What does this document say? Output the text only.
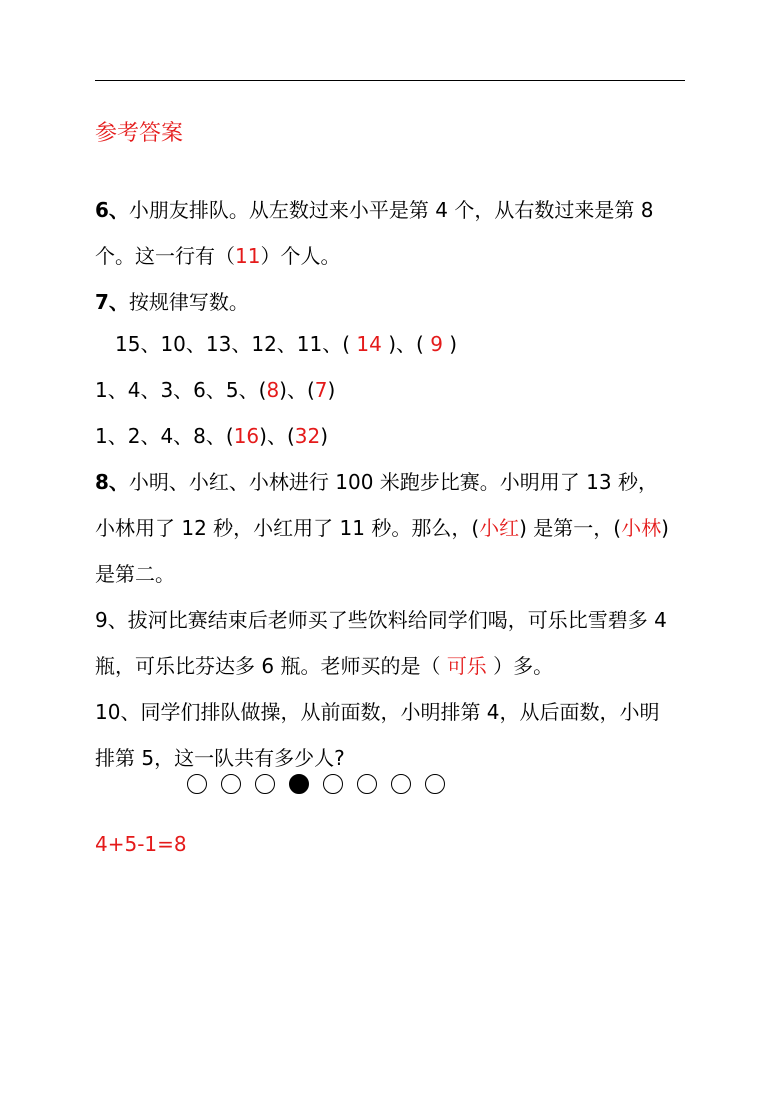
参考答案
6、小朋友排队。从左数过来小平是第 4 个，从右数过来是第 8
个。这一行有（11）个人。
7、按规律写数。
15、10、13、12、11、( 14 )、( 9 )
1、4、3、6、5、(8)、(7)
1、2、4、8、(16)、(32)
8、小明、小红、小林进行 100 米跑步比赛。小明用了 13 秒，
小林用了 12 秒，小红用了 11 秒。那么，(小红) 是第一，(小林)
是第二。
9、拔河比赛结束后老师买了些饮料给同学们喝，可乐比雪碧多 4
瓶，可乐比芬达多 6 瓶。老师买的是（ 可乐 ）多。
10、同学们排队做操，从前面数，小明排第 4，从后面数，小明
排第 5，这一队共有多少人?
4+5-1=8
